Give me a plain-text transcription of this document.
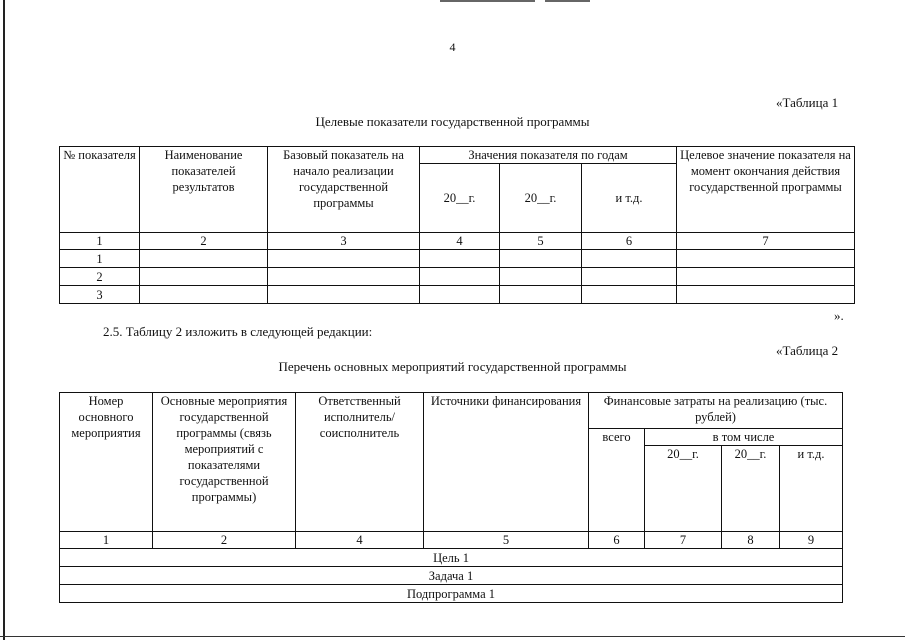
4
«Таблица 1
Целевые показатели государственной программы
№ показателя	Наименование показателей результатов	Базовый показатель на начало реализации государственной программы	Значения показателя по годам			Целевое значение показателя на момент окончания действия государственной программы
			20__г.	20__г.	и т.д.	
1	2	3	4	5	6	7
1						
2						
3						
».
2.5. Таблицу 2 изложить в следующей редакции:
«Таблица 2
Перечень основных мероприятий государственной программы
Номер основного мероприятия	Основные мероприятия государственной программы (связь мероприятий с показателями государственной программы)	Ответственный исполнитель/ соисполнитель	Источники финансирования	Финансовые затраты на реализацию (тыс. рублей)			
				всего	в том числе		
					20__г.	20__г.	и т.д.
1	2	4	5	6	7	8	9
Цель 1							
Задача 1							
Подпрограмма 1							
